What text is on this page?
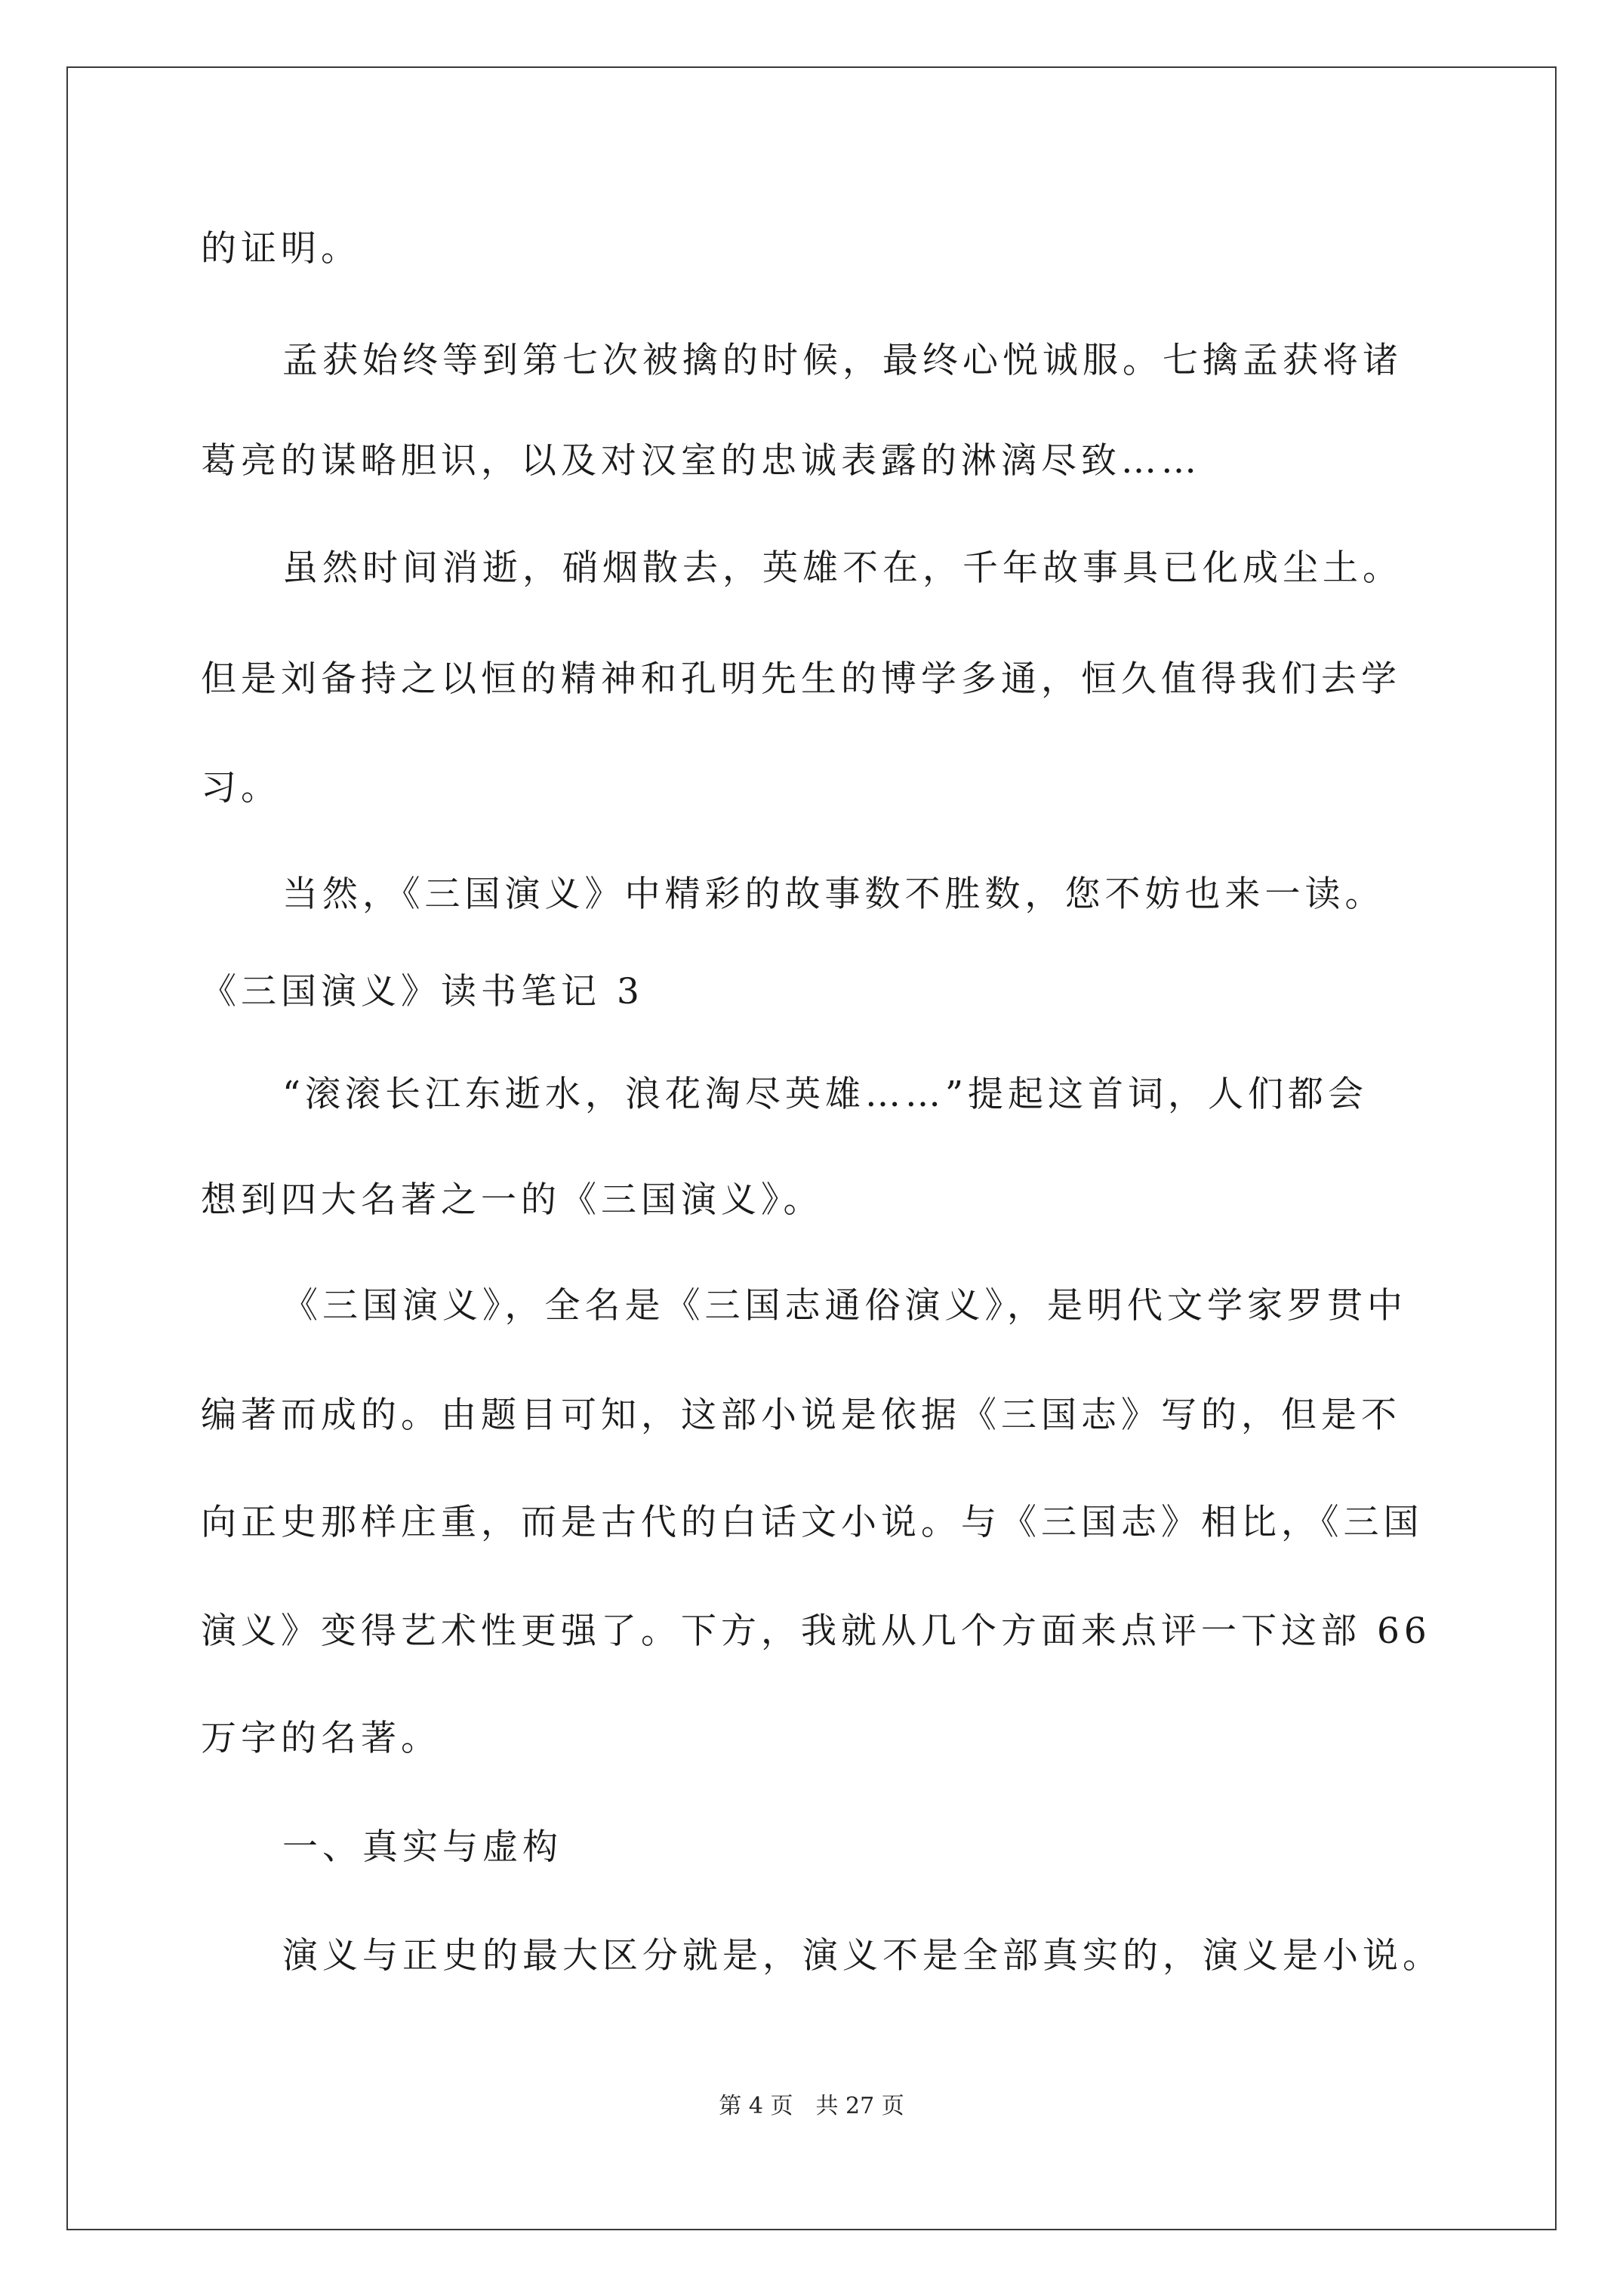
的证明。
孟获始终等到第七次被擒的时候，最终心悦诚服。七擒孟获将诸
葛亮的谋略胆识，以及对汉室的忠诚表露的淋漓尽致……
虽然时间消逝，硝烟散去，英雄不在，千年故事具已化成尘土。
但是刘备持之以恒的精神和孔明先生的博学多通，恒久值得我们去学
习。
当然，《三国演义》中精彩的故事数不胜数，您不妨也来一读。
《三国演义》读书笔记 3
“滚滚长江东逝水，浪花淘尽英雄……”提起这首词，人们都会
想到四大名著之一的《三国演义》。
《三国演义》，全名是《三国志通俗演义》，是明代文学家罗贯中
编著而成的。由题目可知，这部小说是依据《三国志》写的，但是不
向正史那样庄重，而是古代的白话文小说。与《三国志》相比，《三国
演义》变得艺术性更强了。下方，我就从几个方面来点评一下这部 66
万字的名著。
一、真实与虚构
演义与正史的最大区分就是，演义不是全部真实的，演义是小说。
第 4 页　共 27 页
